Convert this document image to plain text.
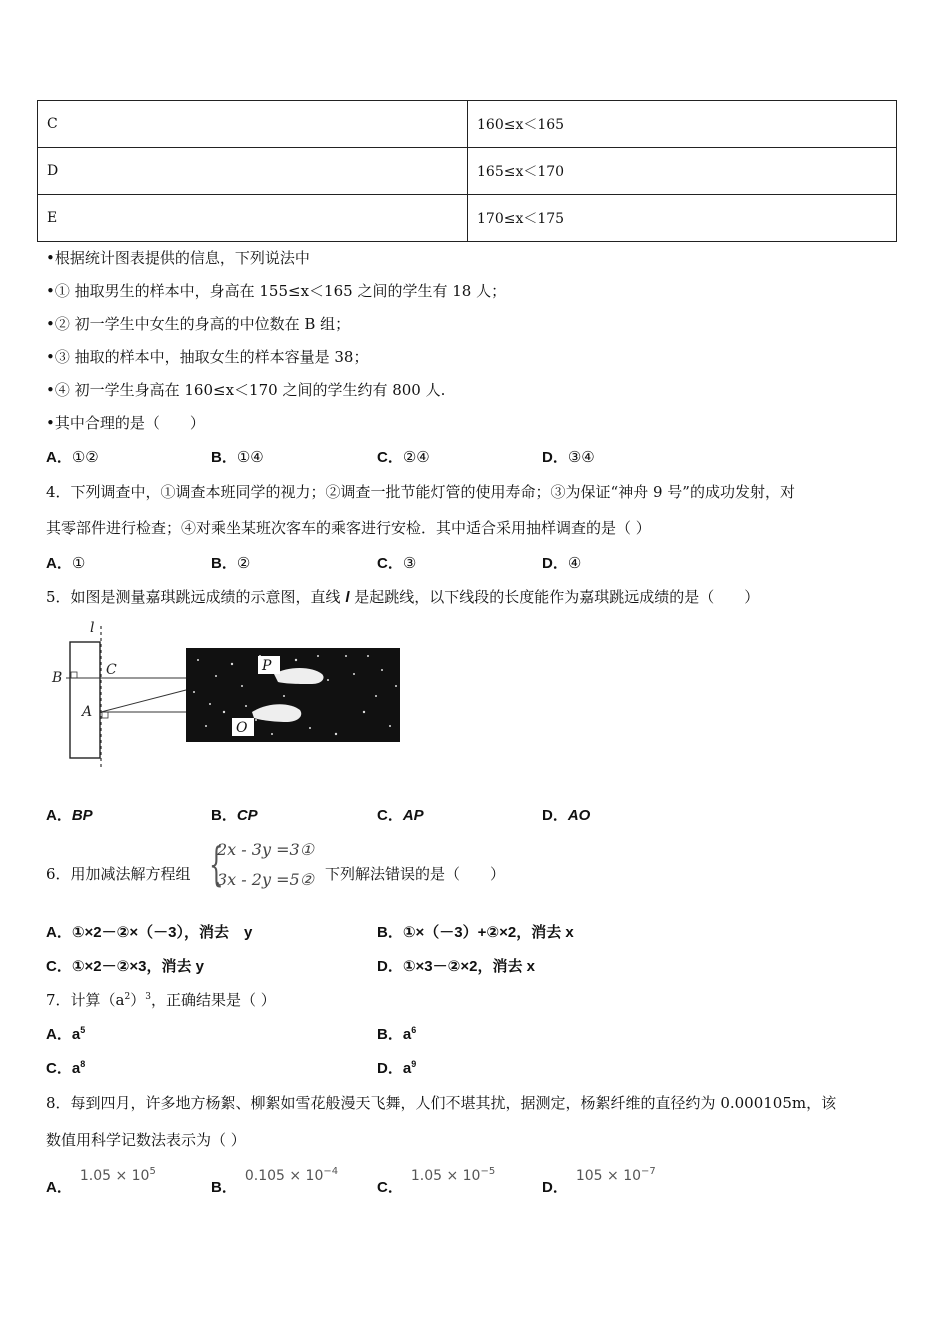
C	160≤x＜165
D	165≤x＜170
E	170≤x＜175
•根据统计图表提供的信息，下列说法中
•① 抽取男生的样本中，身高在 155≤x＜165 之间的学生有 18 人；
•② 初一学生中女生的身高的中位数在 B 组；
•③ 抽取的样本中，抽取女生的样本容量是 38；
•④ 初一学生身高在 160≤x＜170 之间的学生约有 800 人.
•其中合理的是（　　）
A．①②	B．①④	C．②④	D．③④
4．下列调查中，①调查本班同学的视力；②调查一批节能灯管的使用寿命；③为保证“神舟 9 号”的成功发射，对
其零部件进行检查；④对乘坐某班次客车的乘客进行安检．其中适合采用抽样调查的是（ ）
A．①	B．②	C．③	D．④
5．如图是测量嘉琪跳远成绩的示意图，直线 l 是起跳线，以下线段的长度能作为嘉琪跳远成绩的是（　　）
l
B	C
A
P
O
A．BP	B．CP	C．AP	D．AO
6．用加减法解方程组 {
2x - 3y =3①
3x - 2y =5② 下列解法错误的是（　　）
A．①×2－②×（－3），消去　y	B．①×（－3）+②×2，消去 x
C．①×2－②×3，消去 y	D．①×3－②×2，消去 x
7．计算$(a^2)^3$，正确结果是（ ）
A．$a^5$	B．$a^6$
C．$a^8$	D．$a^9$
8．每到四月，许多地方杨絮、柳絮如雪花般漫天飞舞，人们不堪其扰，据测定，杨絮纤维的直径约为 0.000105m，该
数值用科学记数法表示为（ ）
A．$1.05 \times 10^5$
B．$0.105 \times 10^{-4}$
C．$1.05 \times 10^{-5}$
D．$105 \times 10^{-7}$
